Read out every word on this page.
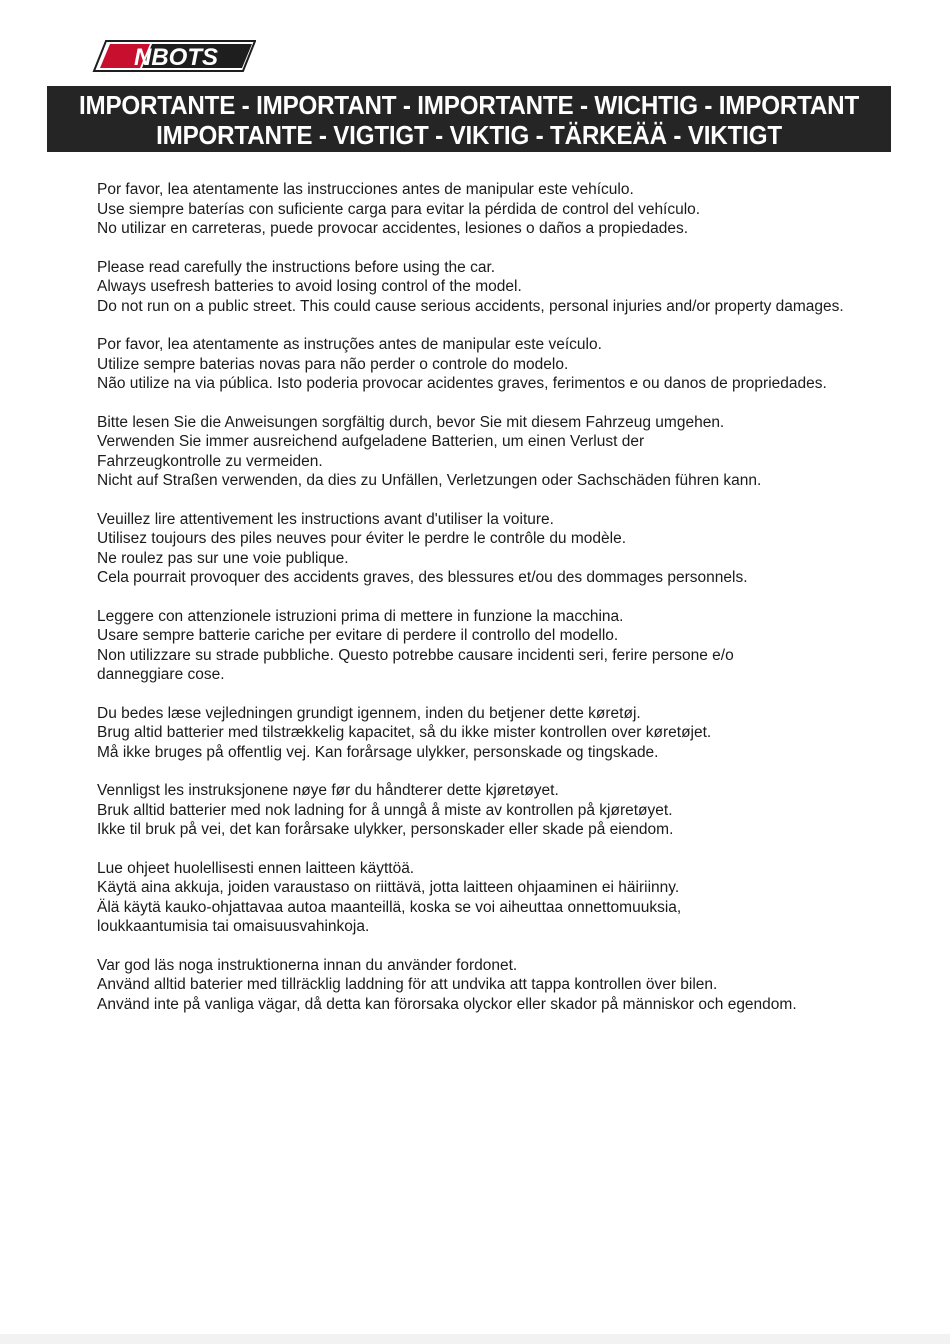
NBOTS
IMPORTANTE - IMPORTANT - IMPORTANTE - WICHTIG - IMPORTANT
IMPORTANTE - VIGTIGT - VIKTIG - TÄRKEÄÄ - VIKTIGT
Por favor, lea atentamente las instrucciones antes de manipular este vehículo.
Use siempre baterías con suficiente carga para evitar la pérdida de control del vehículo.
No utilizar en carreteras, puede provocar accidentes, lesiones o daños a propiedades.
Please read carefully the instructions before using the car.
Always usefresh batteries to avoid losing control of the model.
Do not run on a public street. This could cause serious accidents, personal injuries and/or property damages.
Por favor, lea atentamente as instruções antes de manipular este veículo.
Utilize sempre baterias novas para não perder o controle do modelo.
Não utilize na via pública. Isto poderia provocar acidentes graves, ferimentos e ou danos de propriedades.
Bitte lesen Sie die Anweisungen sorgfältig durch, bevor Sie mit diesem Fahrzeug umgehen.
Verwenden Sie immer ausreichend aufgeladene Batterien, um einen Verlust der Fahrzeugkontrolle zu vermeiden.
Nicht auf Straßen verwenden, da dies zu Unfällen, Verletzungen oder Sachschäden führen kann.
Veuillez lire attentivement les instructions avant d'utiliser la voiture.
Utilisez toujours des piles neuves pour éviter le perdre le contrôle du modèle.
Ne roulez pas sur une voie publique.
Cela pourrait provoquer des accidents graves, des blessures et/ou des dommages personnels.
Leggere con attenzionele istruzioni prima di mettere in funzione la macchina.
Usare sempre batterie cariche per evitare di perdere il controllo del modello.
Non utilizzare su strade pubbliche. Questo potrebbe causare incidenti seri, ferire persone e/o danneggiare cose.
Du bedes læse vejledningen grundigt igennem, inden du betjener dette køretøj.
Brug altid batterier med tilstrækkelig kapacitet, så du ikke mister kontrollen over køretøjet.
Må ikke bruges på offentlig vej. Kan forårsage ulykker, personskade og tingskade.
Vennligst les instruksjonene nøye før du håndterer dette kjøretøyet.
Bruk alltid batterier med nok ladning for å unngå å miste av kontrollen på kjøretøyet.
Ikke til bruk på vei, det kan forårsake ulykker, personskader eller skade på eiendom.
Lue ohjeet huolellisesti ennen laitteen käyttöä.
Käytä aina akkuja, joiden varaustaso on riittävä, jotta laitteen ohjaaminen ei häiriinny.
Älä käytä kauko-ohjattavaa autoa maanteillä, koska se voi aiheuttaa onnettomuuksia, loukkaantumisia tai omaisuusvahinkoja.
Var god läs noga instruktionerna innan du använder fordonet.
Använd alltid baterier med tillräcklig laddning för att undvika att tappa kontrollen över bilen.
Använd inte på vanliga vägar, då detta kan förorsaka olyckor eller skador på människor och egendom.
